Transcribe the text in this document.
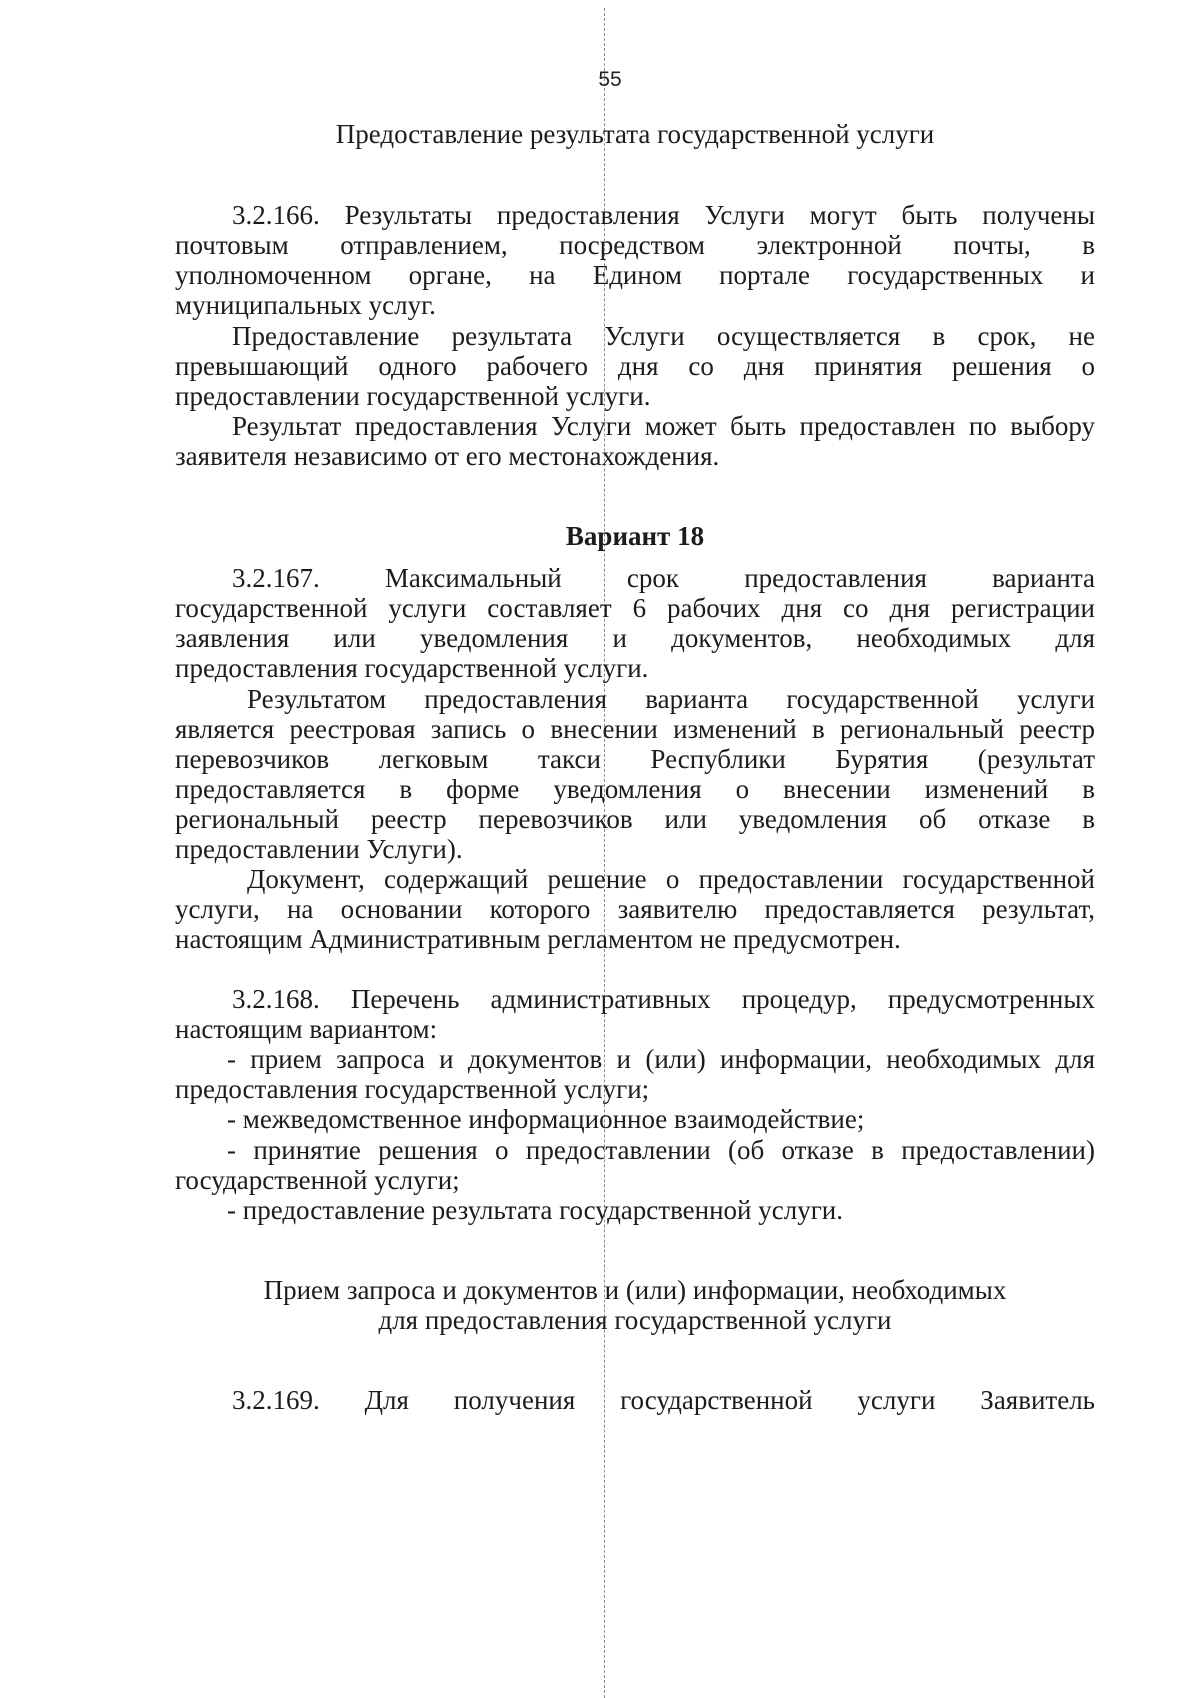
55
Предоставление результата государственной услуги
3.2.166. Результаты предоставления Услуги могут быть получены
почтовым отправлением, посредством электронной почты, в
уполномоченном органе, на Едином портале государственных и
муниципальных услуг.
Предоставление результата Услуги осуществляется в срок, не
превышающий одного рабочего дня со дня принятия решения о
предоставлении государственной услуги.
Результат предоставления Услуги может быть предоставлен по выбору
заявителя независимо от его местонахождения.
Вариант 18
3.2.167. Максимальный срок предоставления варианта
государственной услуги составляет 6 рабочих дня со дня регистрации
заявления или уведомления и документов, необходимых для
предоставления государственной услуги.
Результатом предоставления варианта государственной услуги
является реестровая запись о внесении изменений в региональный реестр
перевозчиков легковым такси Республики Бурятия (результат
предоставляется в форме уведомления о внесении изменений в
региональный реестр перевозчиков или уведомления об отказе в
предоставлении Услуги).
Документ, содержащий решение о предоставлении государственной
услуги, на основании которого заявителю предоставляется результат,
настоящим Административным регламентом не предусмотрен.
3.2.168. Перечень административных процедур, предусмотренных
настоящим вариантом:
- прием запроса и документов и (или) информации, необходимых для
предоставления государственной услуги;
- межведомственное информационное взаимодействие;
- принятие решения о предоставлении (об отказе в предоставлении)
государственной услуги;
- предоставление результата государственной услуги.
Прием запроса и документов и (или) информации, необходимых
для предоставления государственной услуги
3.2.169. Для получения государственной услуги Заявитель
